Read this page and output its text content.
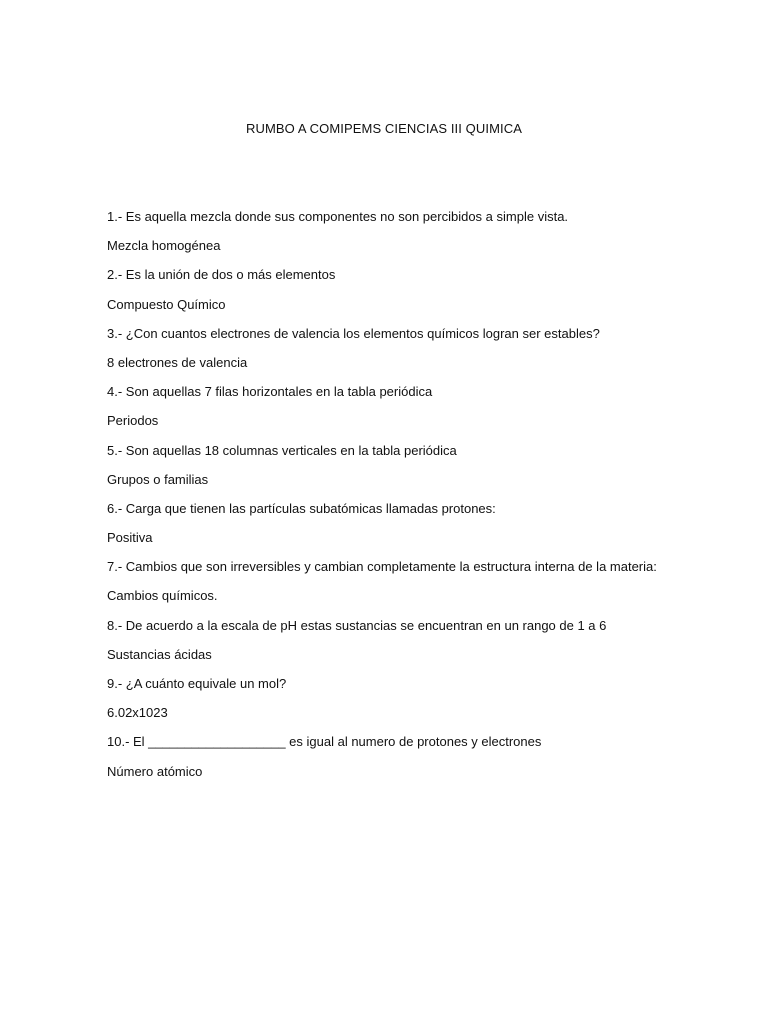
RUMBO A COMIPEMS CIENCIAS III QUIMICA
1.- Es aquella mezcla donde sus componentes no son percibidos a simple vista.
Mezcla homogénea
2.- Es la unión de dos o más elementos
Compuesto Químico
3.- ¿Con cuantos electrones de valencia los elementos químicos logran ser estables?
8 electrones de valencia
4.- Son aquellas 7 filas horizontales en la tabla periódica
Periodos
5.- Son aquellas 18 columnas verticales en la tabla periódica
Grupos o familias
6.- Carga que tienen las partículas subatómicas llamadas protones:
Positiva
7.- Cambios que son irreversibles y cambian completamente la estructura interna de la materia:
Cambios químicos.
8.- De acuerdo a la escala de pH estas sustancias se encuentran en un rango de 1 a 6
Sustancias ácidas
9.- ¿A cuánto equivale un mol?
6.02x1023
10.- El ___________________ es igual al numero de protones y electrones
Número atómico
